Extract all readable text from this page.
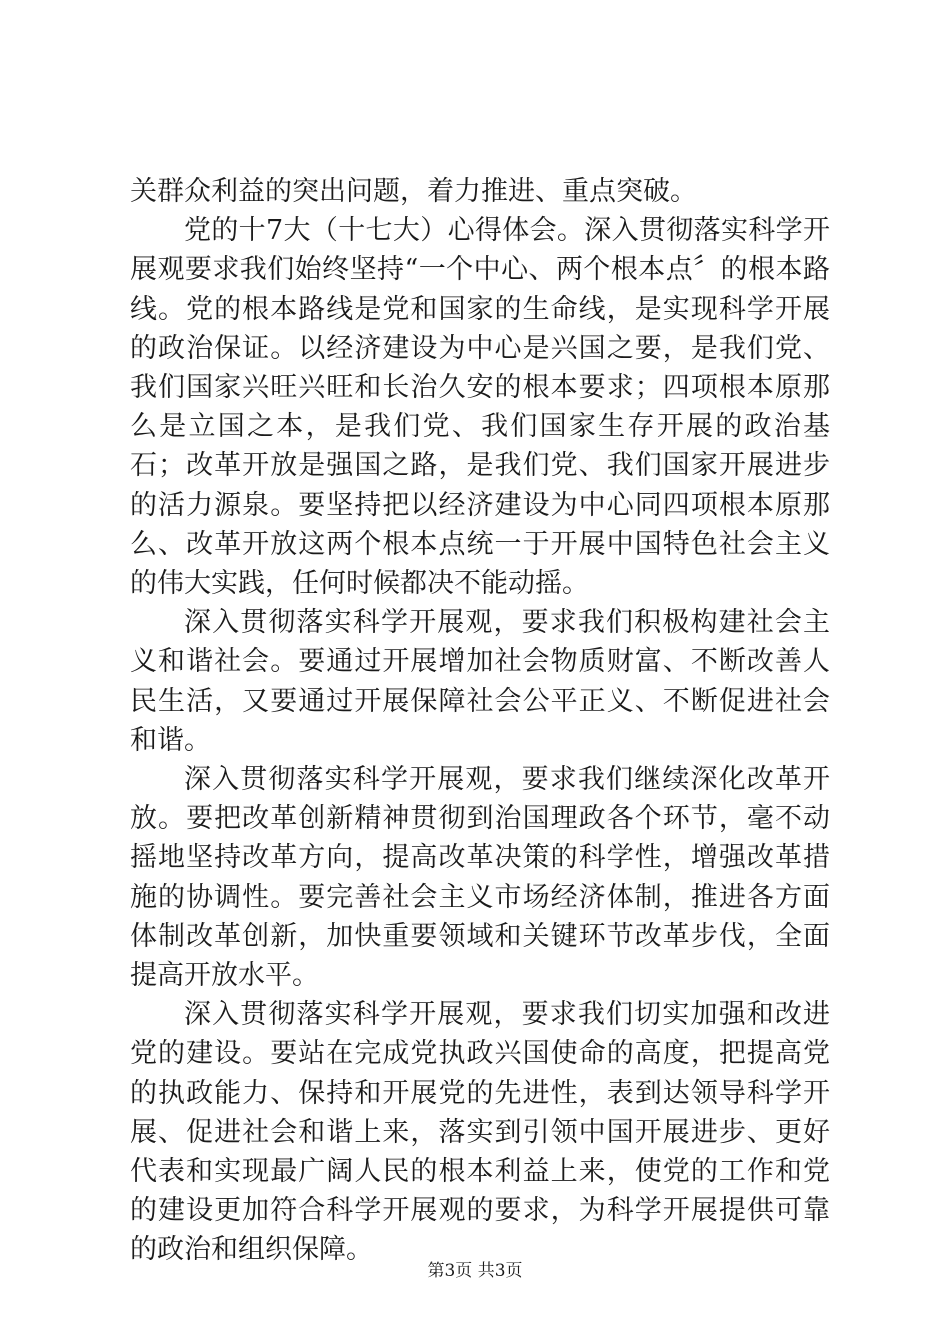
关群众利益的突出问题，着力推进、重点突破。

党的十7大（十七大）心得体会。深入贯彻落实科学开展观要求我们始终坚持“一个中心、两个根本点〞的根本路线。党的根本路线是党和国家的生命线，是实现科学开展的政治保证。以经济建设为中心是兴国之要，是我们党、我们国家兴旺兴旺和长治久安的根本要求；四项根本原那么是立国之本，是我们党、我们国家生存开展的政治基石；改革开放是强国之路，是我们党、我们国家开展进步的活力源泉。要坚持把以经济建设为中心同四项根本原那么、改革开放这两个根本点统一于开展中国特色社会主义的伟大实践，任何时候都决不能动摇。

深入贯彻落实科学开展观，要求我们积极构建社会主义和谐社会。要通过开展增加社会物质财富、不断改善人民生活，又要通过开展保障社会公平正义、不断促进社会和谐。

深入贯彻落实科学开展观，要求我们继续深化改革开放。要把改革创新精神贯彻到治国理政各个环节，毫不动摇地坚持改革方向，提高改革决策的科学性，增强改革措施的协调性。要完善社会主义市场经济体制，推进各方面体制改革创新，加快重要领域和关键环节改革步伐，全面提高开放水平。

深入贯彻落实科学开展观，要求我们切实加强和改进党的建设。要站在完成党执政兴国使命的高度，把提高党的执政能力、保持和开展党的先进性，表到达领导科学开展、促进社会和谐上来，落实到引领中国开展进步、更好代表和实现最广阔人民的根本利益上来，使党的工作和党的建设更加符合科学开展观的要求，为科学开展提供可靠的政治和组织保障。

第3页 共3页
